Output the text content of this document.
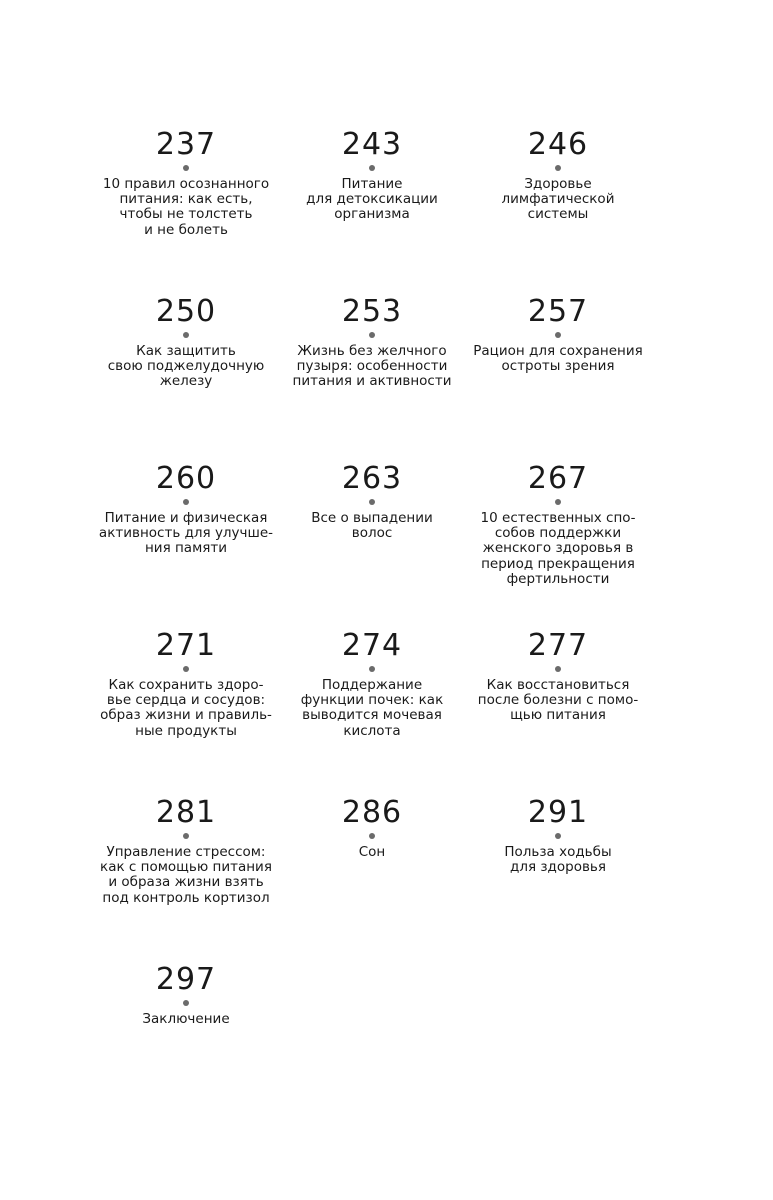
237
10 правил осознанного
питания: как есть,
чтобы не толстеть
и не болеть
243
Питание
для детоксикации
организма
246
Здоровье
лимфатической
системы
250
Как защитить
свою поджелудочную
железу
253
Жизнь без желчного
пузыря: особенности
питания и активности
257
Рацион для сохранения
остроты зрения
260
Питание и физическая
активность для улучше-
ния памяти
263
Все о выпадении
волос
267
10 естественных спо-
собов поддержки
женского здоровья в
период прекращения
фертильности
271
Как сохранить здоро-
вье сердца и сосудов:
образ жизни и правиль-
ные продукты
274
Поддержание
функции почек: как
выводится мочевая
кислота
277
Как восстановиться
после болезни с помо-
щью питания
281
Управление стрессом:
как с помощью питания
и образа жизни взять
под контроль кортизол
286
Сон
291
Польза ходьбы
для здоровья
297
Заключение
